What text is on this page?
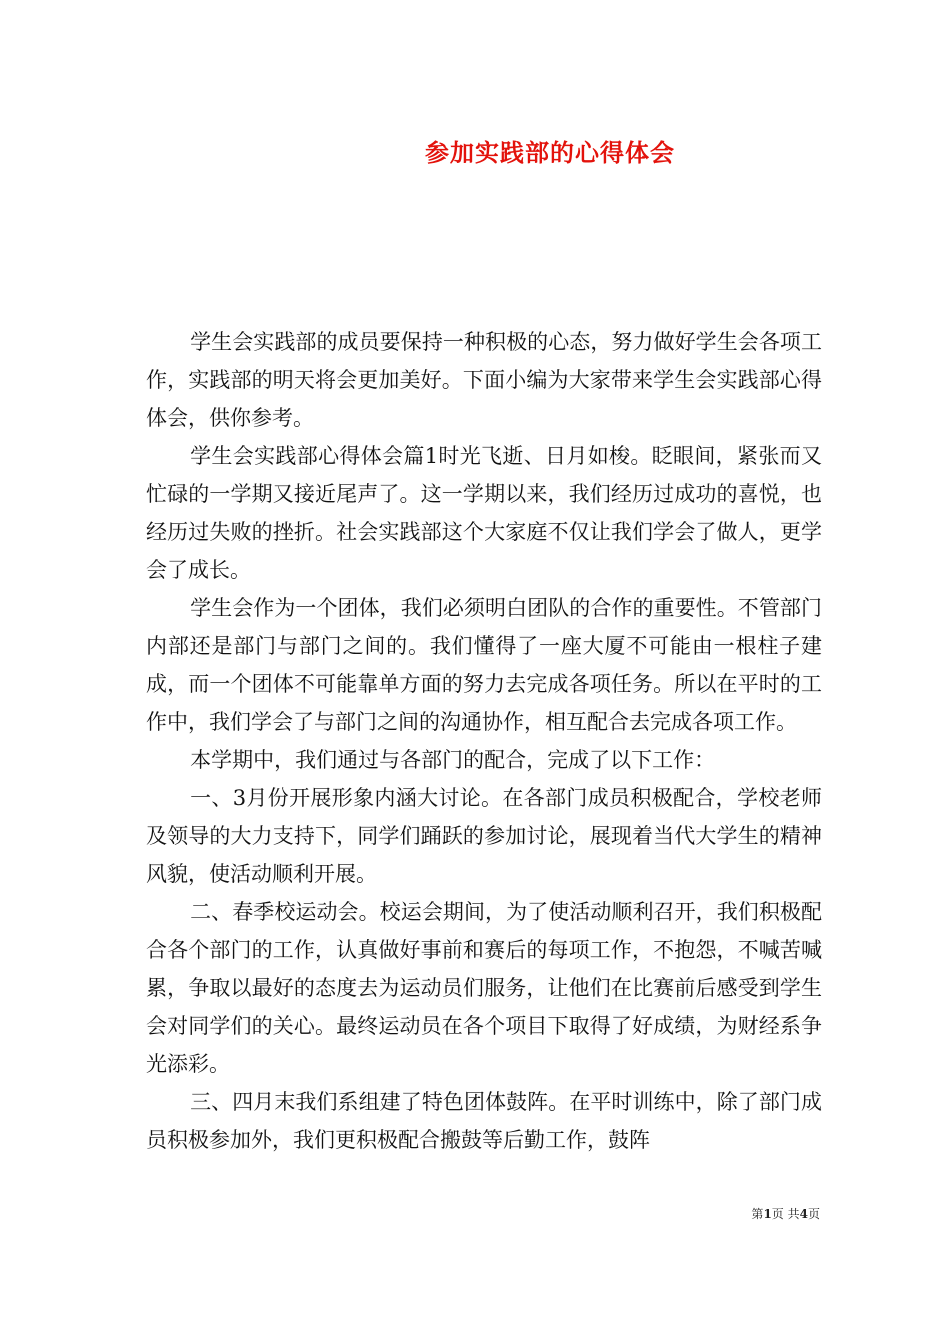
参加实践部的心得体会

学生会实践部的成员要保持一种积极的心态，努力做好学生会各项工作，实践部的明天将会更加美好。下面小编为大家带来学生会实践部心得体会，供你参考。

学生会实践部心得体会篇1时光飞逝、日月如梭。眨眼间，紧张而又忙碌的一学期又接近尾声了。这一学期以来，我们经历过成功的喜悦，也经历过失败的挫折。社会实践部这个大家庭不仅让我们学会了做人，更学会了成长。

学生会作为一个团体，我们必须明白团队的合作的重要性。不管部门内部还是部门与部门之间的。我们懂得了一座大厦不可能由一根柱子建成，而一个团体不可能靠单方面的努力去完成各项任务。所以在平时的工作中，我们学会了与部门之间的沟通协作，相互配合去完成各项工作。

本学期中，我们通过与各部门的配合，完成了以下工作：

一、3月份开展形象内涵大讨论。在各部门成员积极配合，学校老师及领导的大力支持下，同学们踊跃的参加讨论，展现着当代大学生的精神风貌，使活动顺利开展。

二、春季校运动会。校运会期间，为了使活动顺利召开，我们积极配合各个部门的工作，认真做好事前和赛后的每项工作，不抱怨，不喊苦喊累，争取以最好的态度去为运动员们服务，让他们在比赛前后感受到学生会对同学们的关心。最终运动员在各个项目下取得了好成绩，为财经系争光添彩。

三、四月末我们系组建了特色团体鼓阵。在平时训练中，除了部门成员积极参加外，我们更积极配合搬鼓等后勤工作，鼓阵

第1页 共4页
